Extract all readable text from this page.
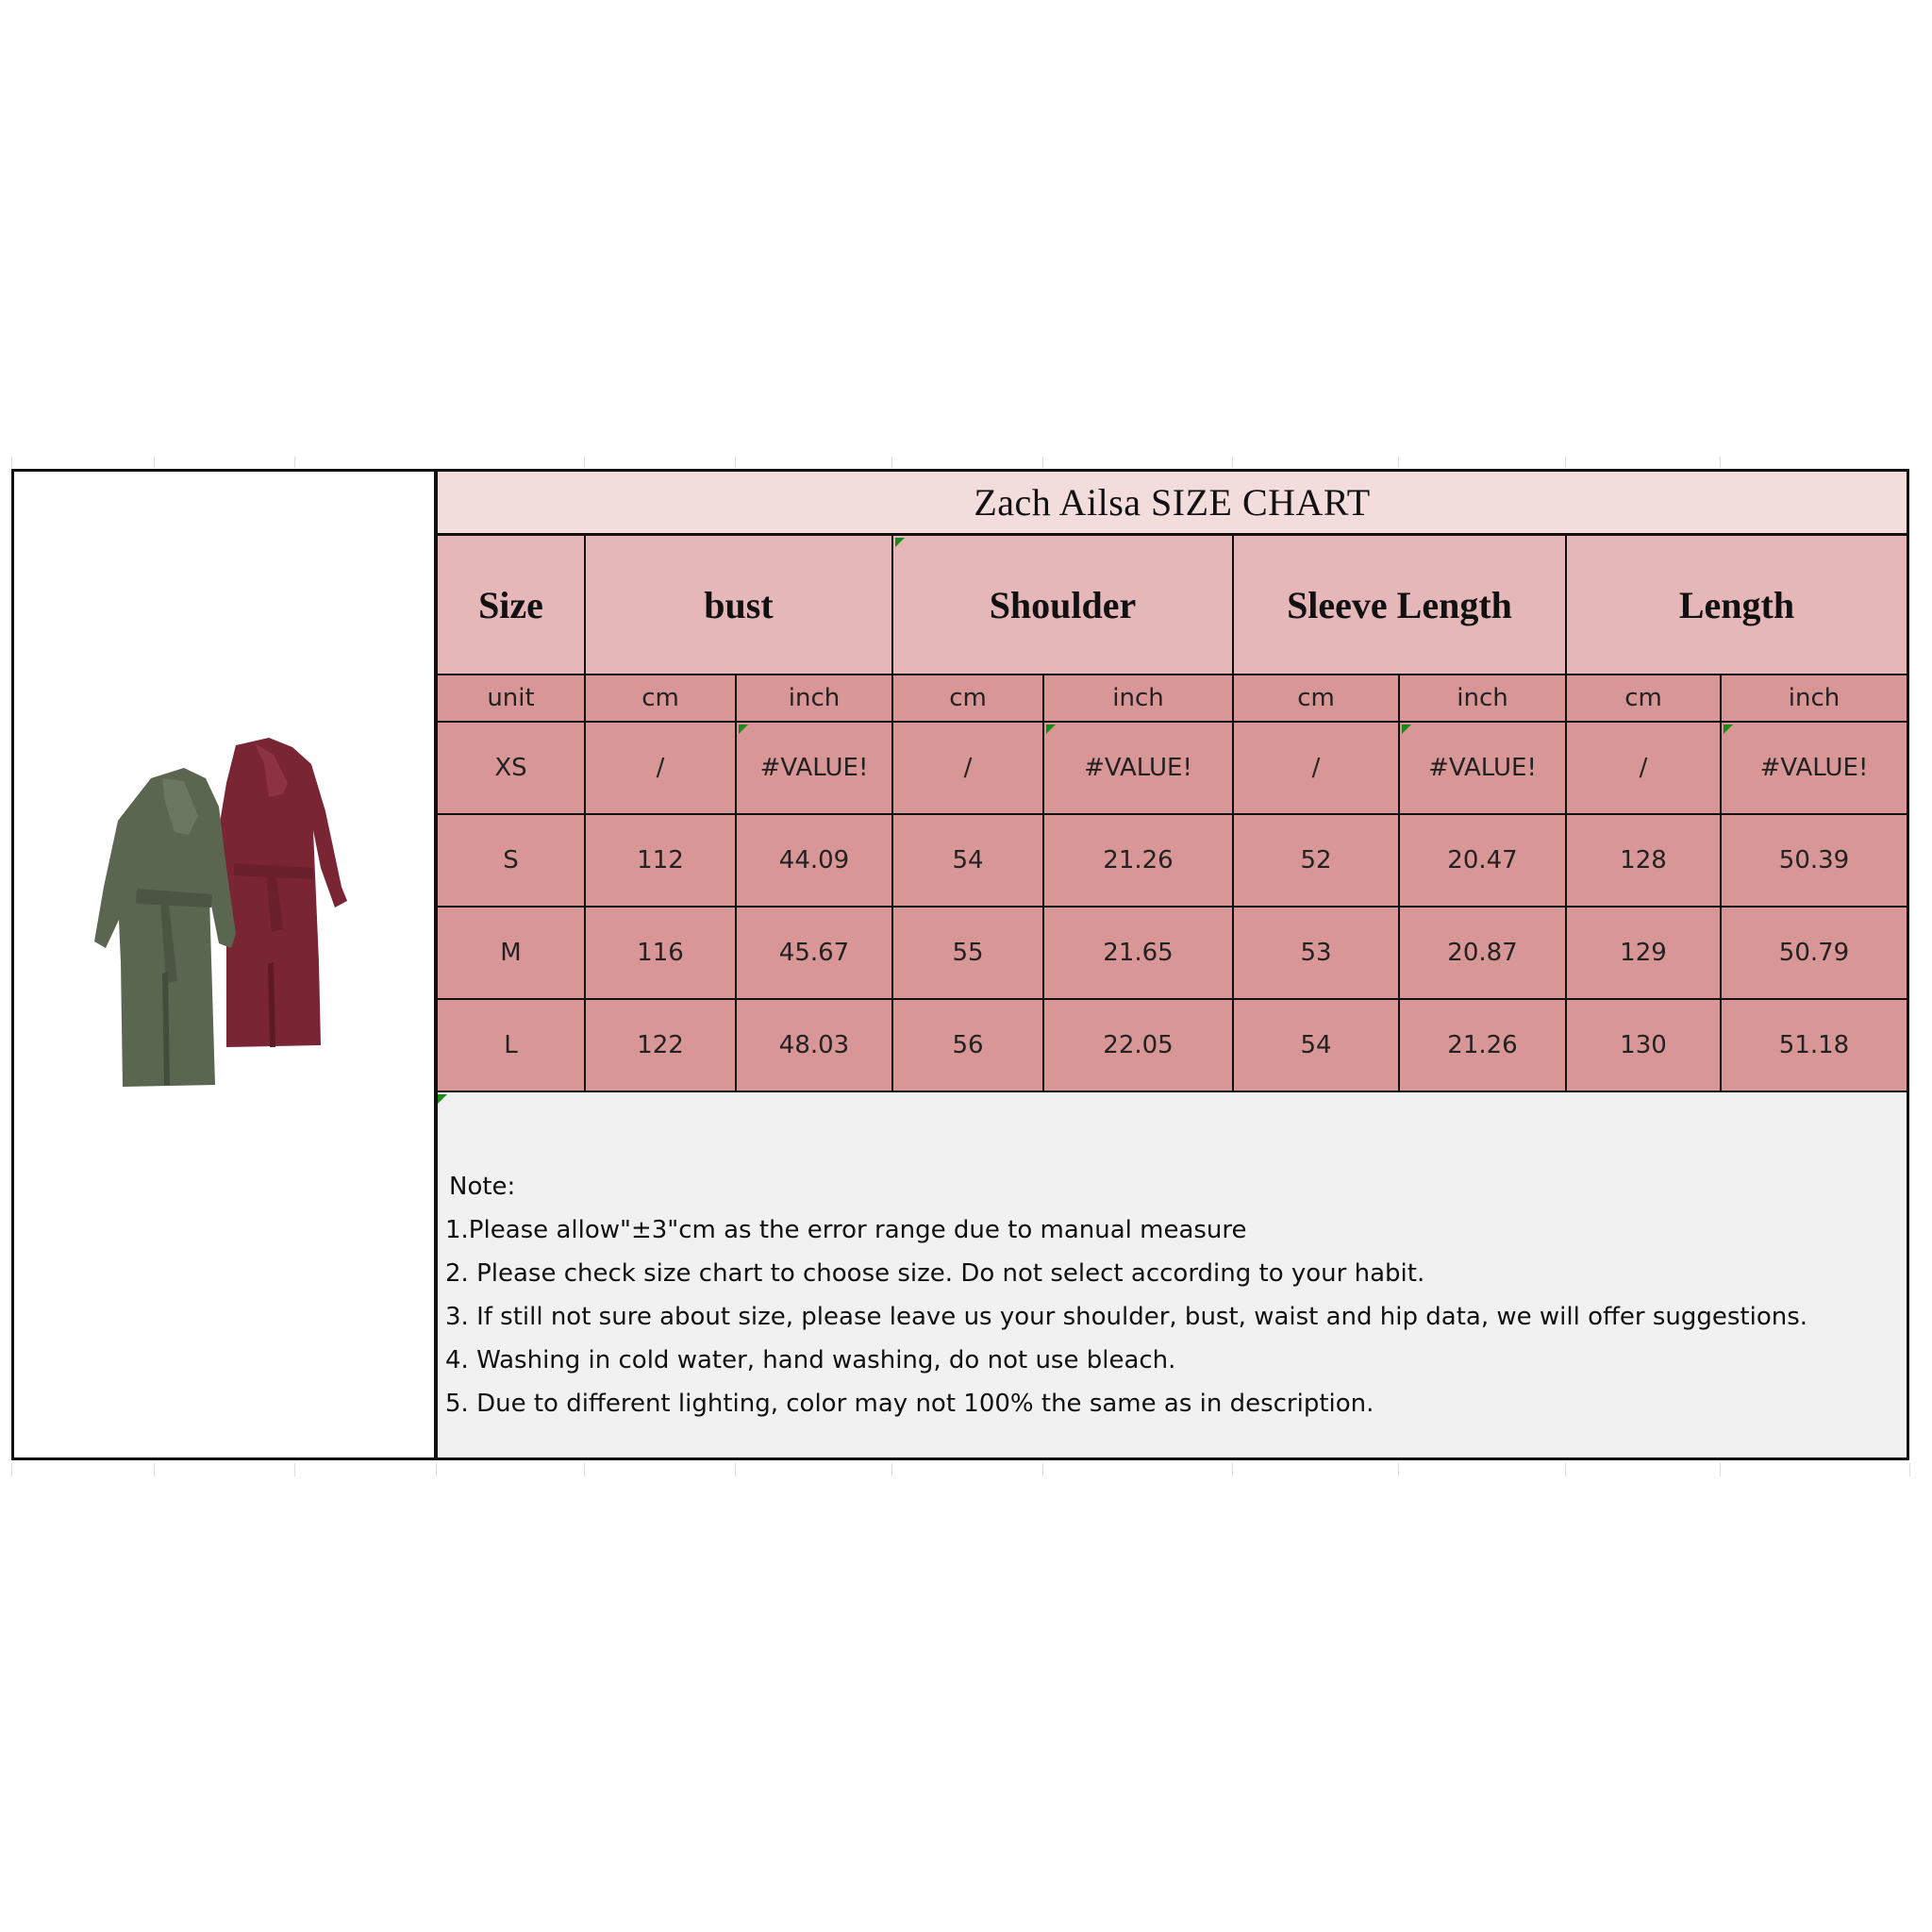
Zach Ailsa SIZE CHART
Size	bust	Shoulder	Sleeve Length	Length
unit	cm	inch	cm	inch	cm	inch	cm	inch
XS	/	#VALUE!	/	#VALUE!	/	#VALUE!	/	#VALUE!
S	112	44.09	54	21.26	52	20.47	128	50.39
M	116	45.67	55	21.65	53	20.87	129	50.79
L	122	48.03	56	22.05	54	21.26	130	51.18
Note:
1.Please allow"±3"cm as the error range due to manual measure
2. Please check size chart to choose size. Do not select according to your habit.
3. If still not sure about size, please leave us your shoulder, bust, waist and hip data, we will offer suggestions.
4. Washing in cold water, hand washing, do not use bleach.
5. Due to different lighting, color may not 100% the same as in description.
